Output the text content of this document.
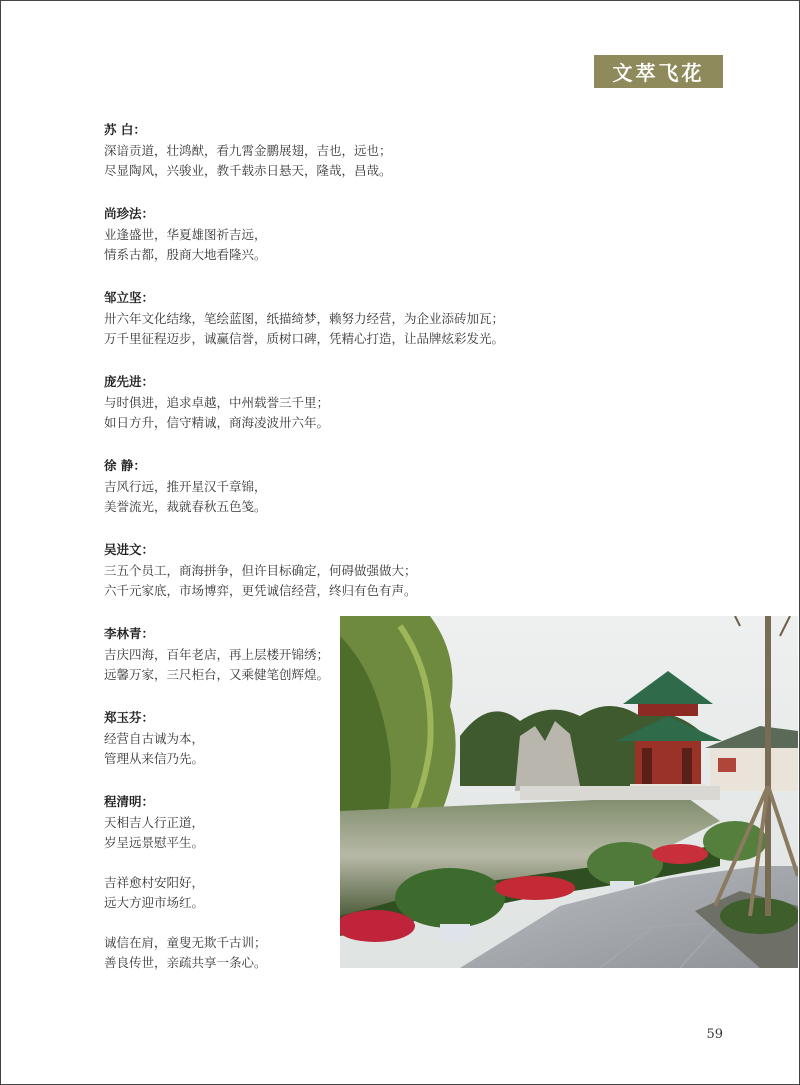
文萃飞花
苏 白：
深谙贡道，壮鸿猷，看九霄金鹏展翅，吉也，远也；
尽显陶风，兴骏业，教千载赤日悬天，隆哉，昌哉。
尚珍法：
业逢盛世，华夏雄图祈吉远，
情系古都，殷商大地看隆兴。
邹立坚：
卅六年文化结缘，笔绘蓝图，纸描绮梦，赖努力经营，为企业添砖加瓦；
万千里征程迈步，诚赢信誉，质树口碑，凭精心打造，让品牌炫彩发光。
庞先进：
与时俱进，追求卓越，中州载誉三千里；
如日方升，信守精诚，商海凌波卅六年。
徐 静：
吉风行远，推开星汉千章锦，
美誉流光，裁就春秋五色笺。
吴进文：
三五个员工，商海拼争，但许目标确定，何碍做强做大；
六千元家底，市场博弈，更凭诚信经营，终归有色有声。
李林青：
吉庆四海，百年老店，再上层楼开锦绣；
远馨万家，三尺柜台，又乘健笔创辉煌。
郑玉芬：
经营自古诚为本，
管理从来信乃先。
程清明：
天相吉人行正道，
岁呈远景慰平生。
吉祥愈村安阳好，
远大方迎市场红。
诚信在肩，童叟无欺千古训；
善良传世，亲疏共享一条心。
59
